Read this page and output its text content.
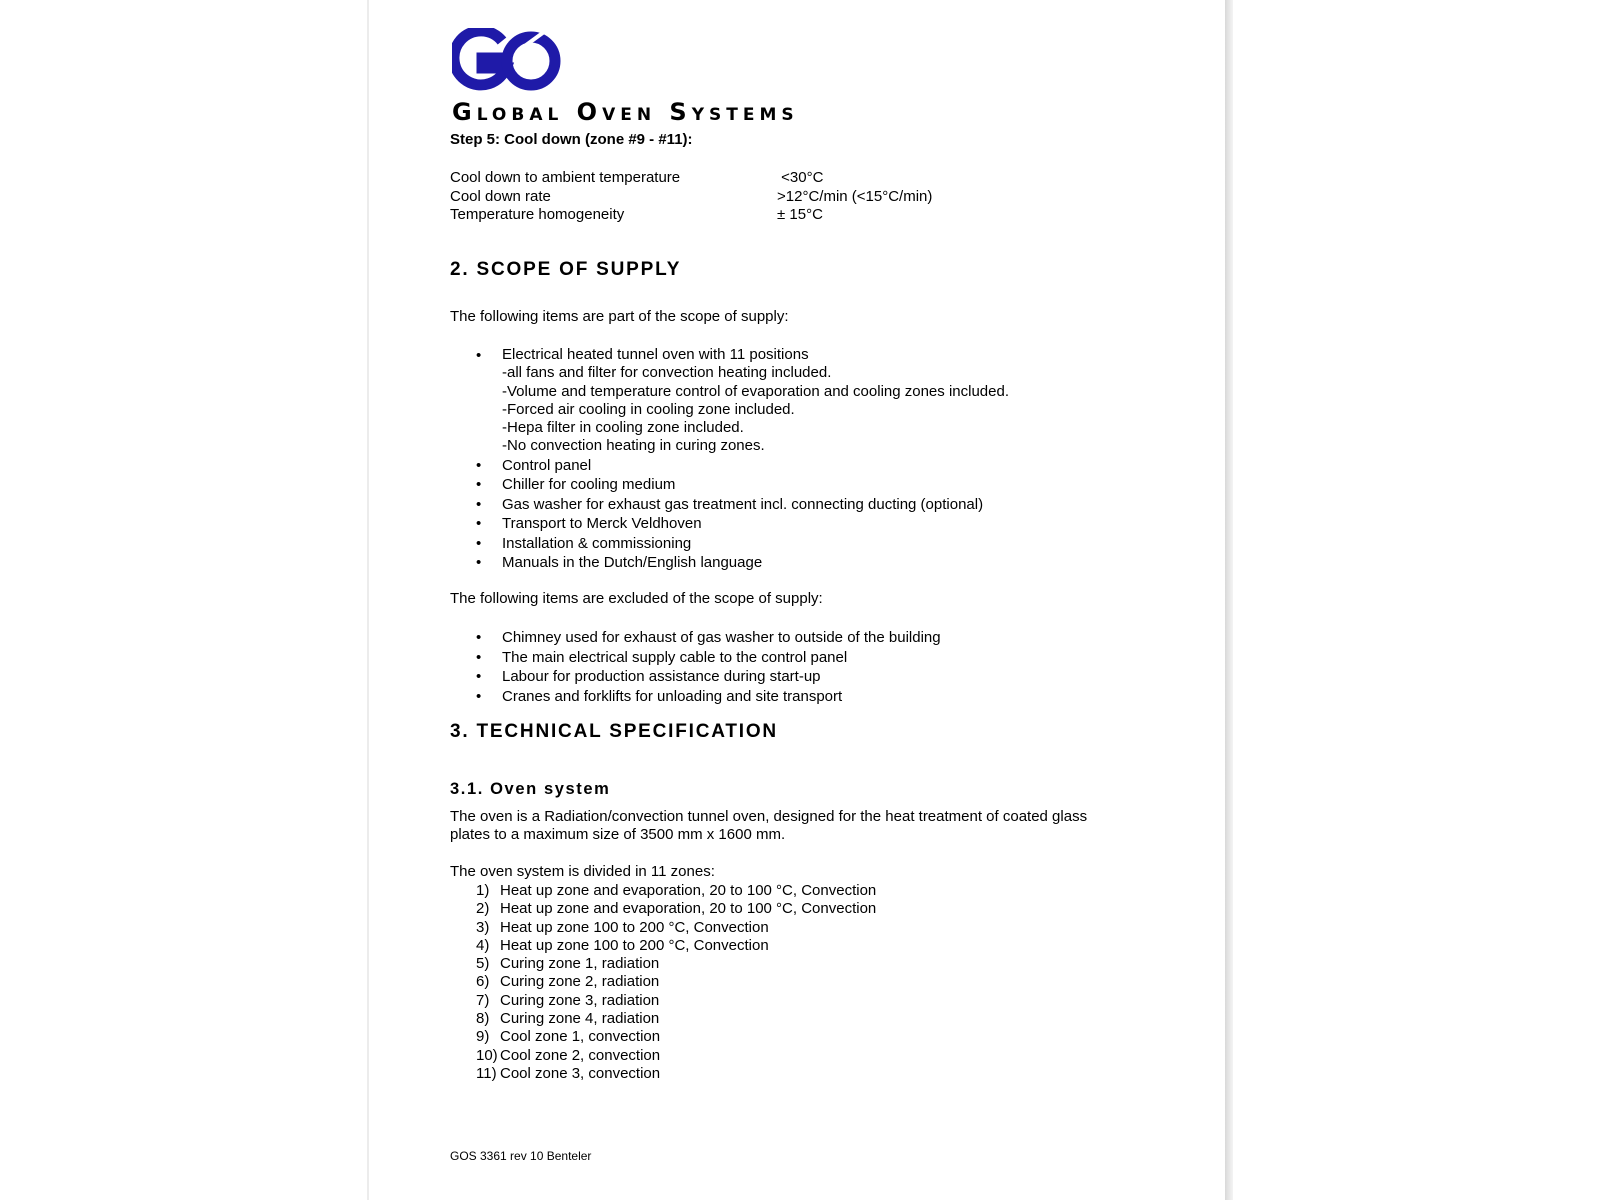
Global Oven Systems
Step 5: Cool down (zone #9 - #11):
Cool down to ambient temperature	<30°C
Cool down rate	>12°C/min (<15°C/min)
Temperature homogeneity	± 15°C
2. SCOPE OF SUPPLY
The following items are part of the scope of supply:
• Electrical heated tunnel oven with 11 positions
-all fans and filter for convection heating included.
-Volume and temperature control of evaporation and cooling zones included.
-Forced air cooling in cooling zone included.
-Hepa filter in cooling zone included.
-No convection heating in curing zones.
• Control panel
• Chiller for cooling medium
• Gas washer for exhaust gas treatment incl. connecting ducting (optional)
• Transport to Merck Veldhoven
• Installation & commissioning
• Manuals in the Dutch/English language
The following items are excluded of the scope of supply:
• Chimney used for exhaust of gas washer to outside of the building
• The main electrical supply cable to the control panel
• Labour for production assistance during start-up
• Cranes and forklifts for unloading and site transport
3. TECHNICAL SPECIFICATION
3.1. Oven system
The oven is a Radiation/convection tunnel oven, designed for the heat treatment of coated glass
plates to a maximum size of 3500 mm x 1600 mm.
The oven system is divided in 11 zones:
1) Heat up zone and evaporation, 20 to 100 °C, Convection
2) Heat up zone and evaporation, 20 to 100 °C, Convection
3) Heat up zone 100 to 200 °C, Convection
4) Heat up zone 100 to 200 °C, Convection
5) Curing zone 1, radiation
6) Curing zone 2, radiation
7) Curing zone 3, radiation
8) Curing zone 4, radiation
9) Cool zone 1, convection
10) Cool zone 2, convection
11) Cool zone 3, convection
GOS 3361 rev 10 Benteler
